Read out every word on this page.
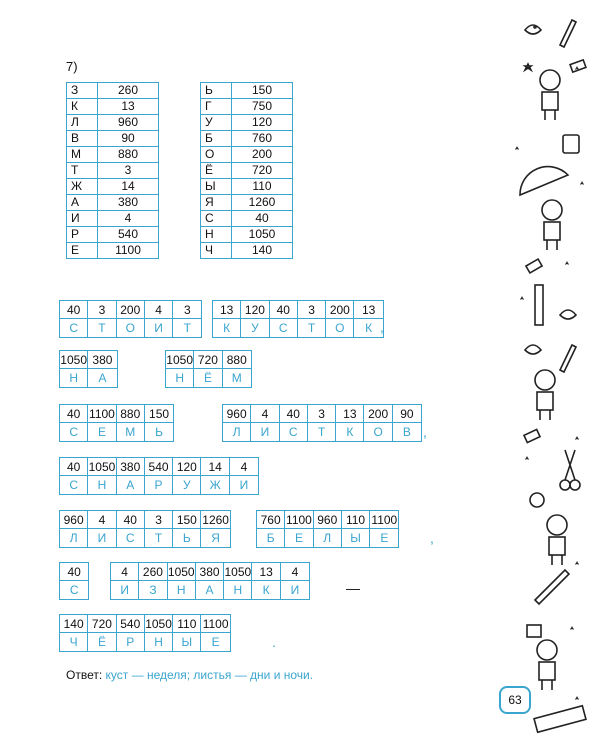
7)
З	260
К	13
Л	960
В	90
М	880
Т	3
Ж	14
А	380
И	4
Р	540
Е	1100
Ь	150
Г	750
У	120
Б	760
О	200
Ё	720
Ы	110
Я	1260
С	40
Н	1050
Ч	140
40	3	200	4	3
С	Т	О	И	Т
13 120 40	3	200	13
К	У	С	Т	О	К ,
1050 380
Н	А
1050 720 880
Н	Ё	М
40 1100 880 150
С	Е	М	Ь
960	4	40	3	13 200	90
Л	И	С	Т	К	О	В ,
40 1050 380 540 120 14	4
С	Н	А	Р	У	Ж	И
960	4	40	3	150 1260
Л	И	С	Т	Ь	Я
760 1100 960 110 1100
Б	Е	Л	Ы	Е	,
40
С
4	260 1050 380 1050 13	4
И	З	Н	А	Н	К	И	—
140 720 540 1050 110 1100
Ч	Ё	Р	Н	Ы	Е	.
Ответ: куст — неделя; листья — дни и ночи.
63
